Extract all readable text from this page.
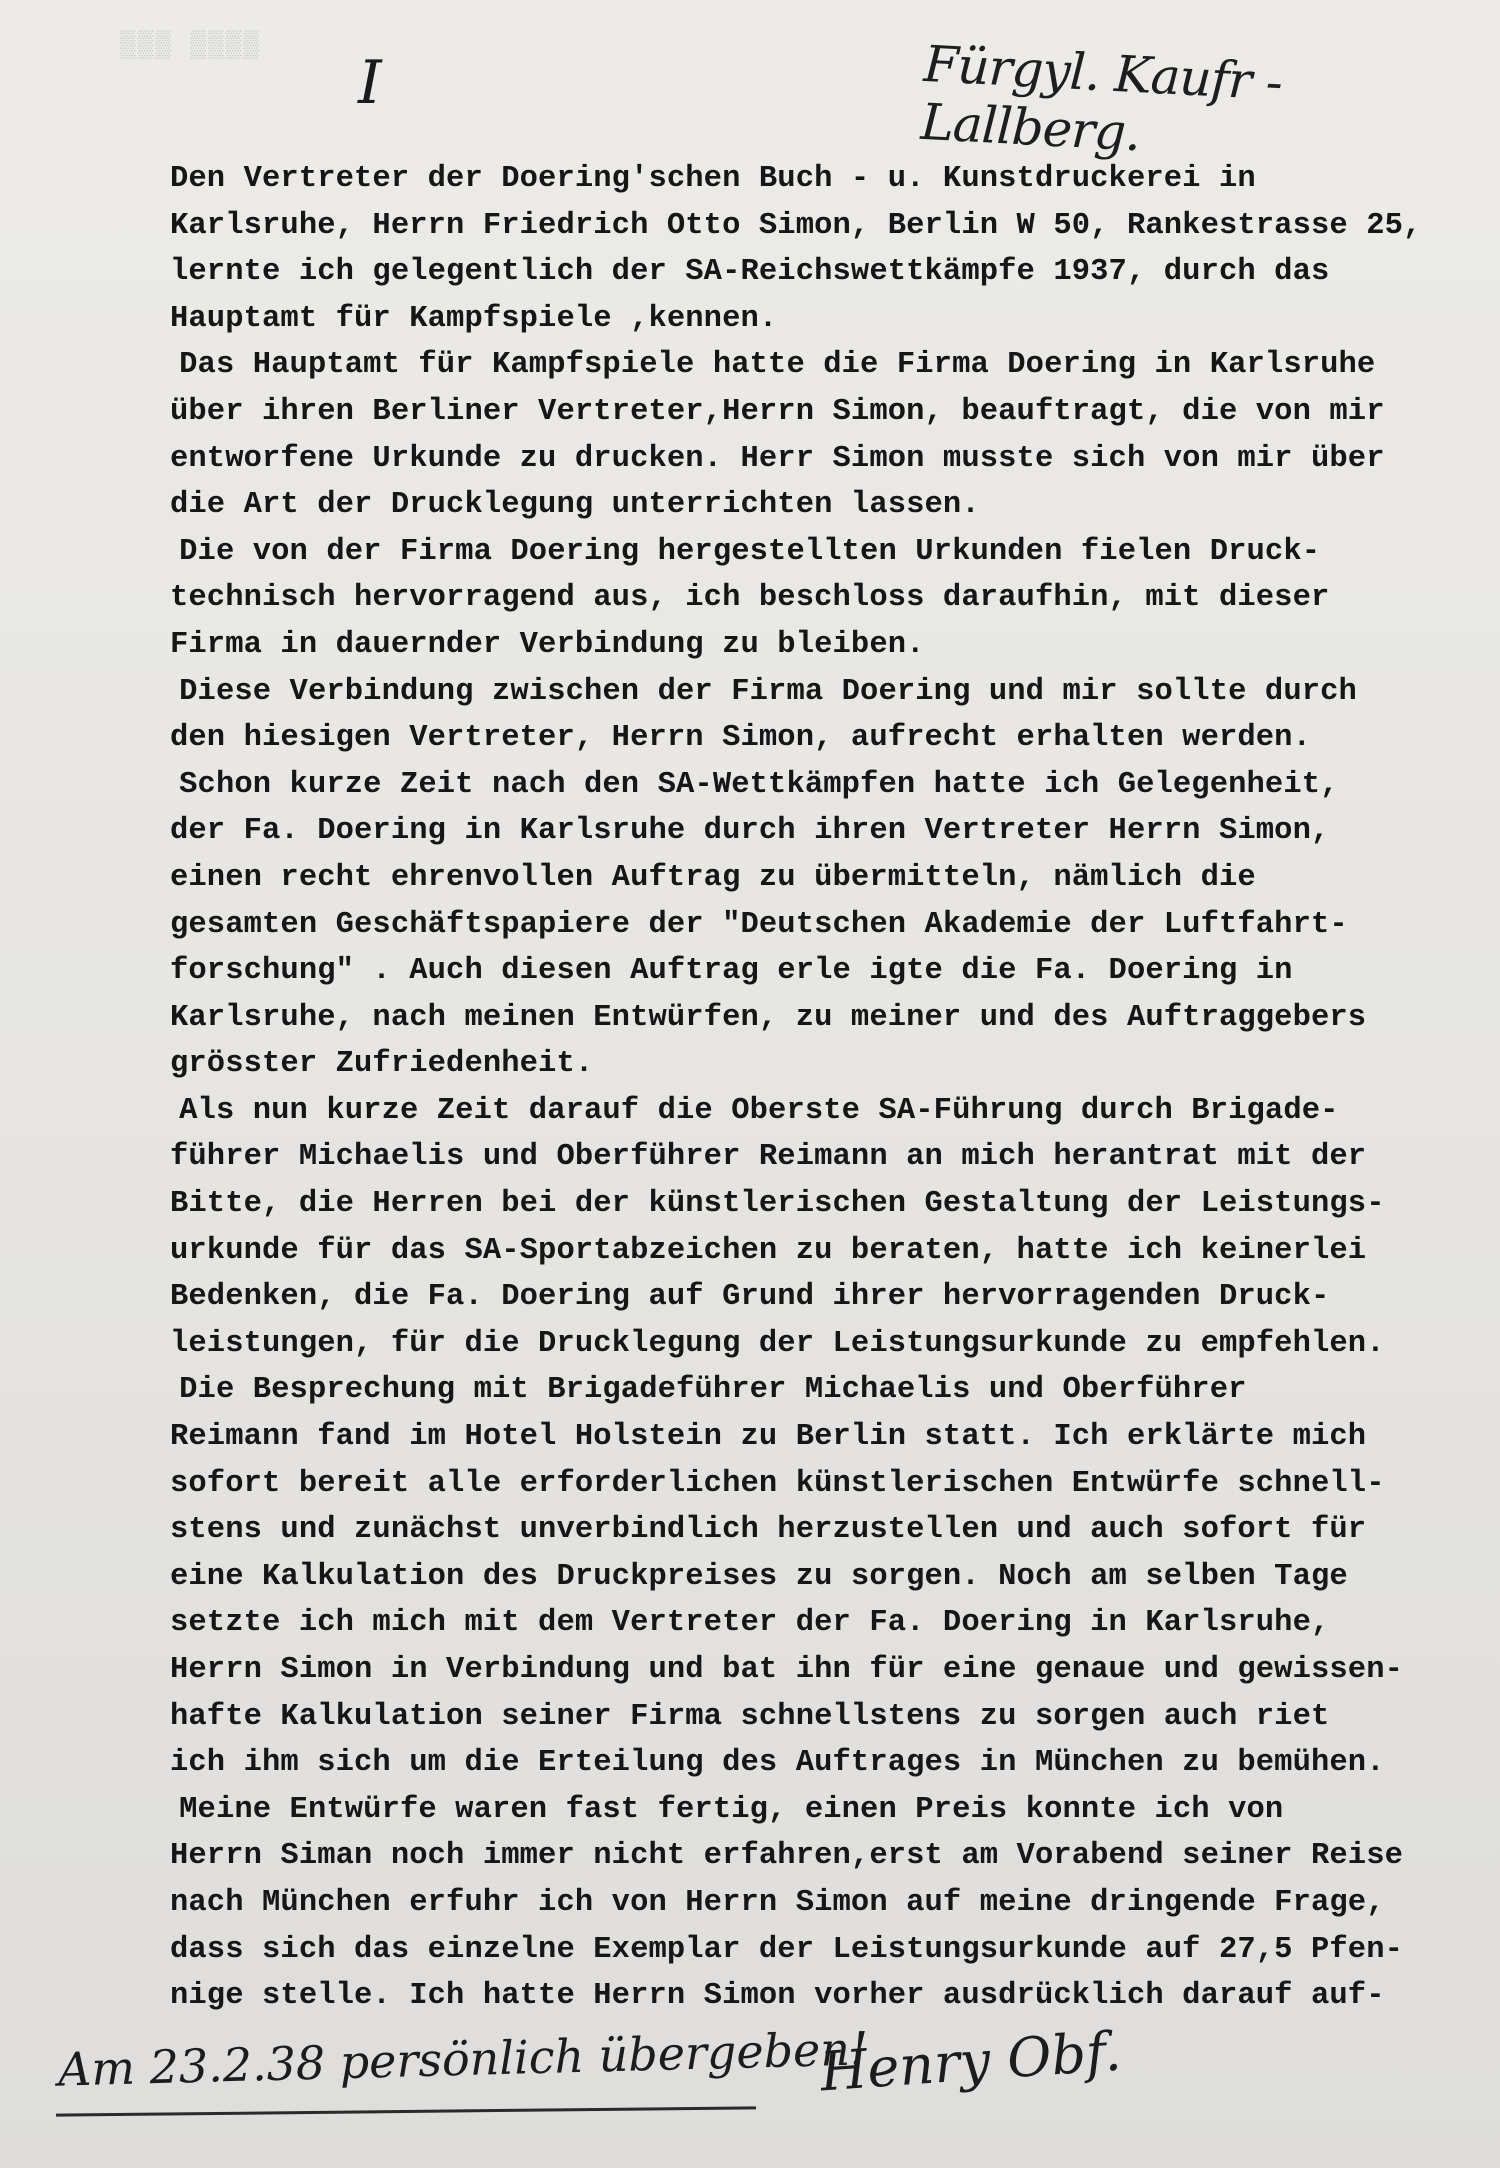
▒▒▒ ▒▒▒▒
I	Fürgyl. Kaufr - Lallberg.
Den Vertreter der Doering'schen Buch - u. Kunstdruckerei in
Karlsruhe, Herrn Friedrich Otto Simon, Berlin W 50, Rankestrasse 25,
lernte ich gelegentlich der SA-Reichswettkämpfe 1937, durch das
Hauptamt für Kampfspiele ,kennen.
Das Hauptamt für Kampfspiele hatte die Firma Doering in Karlsruhe
über ihren Berliner Vertreter,Herrn Simon, beauftragt, die von mir
entworfene Urkunde zu drucken. Herr Simon musste sich von mir über
die Art der Drucklegung unterrichten lassen.
Die von der Firma Doering hergestellten Urkunden fielen Druck-
technisch hervorragend aus, ich beschloss daraufhin, mit dieser
Firma in dauernder Verbindung zu bleiben.
Diese Verbindung zwischen der Firma Doering und mir sollte durch
den hiesigen Vertreter, Herrn Simon, aufrecht erhalten werden.
Schon kurze Zeit nach den SA-Wettkämpfen hatte ich Gelegenheit,
der Fa. Doering in Karlsruhe durch ihren Vertreter Herrn Simon,
einen recht ehrenvollen Auftrag zu übermitteln, nämlich die
gesamten Geschäftspapiere der "Deutschen Akademie der Luftfahrt-
forschung" . Auch diesen Auftrag erle igte die Fa. Doering in
Karlsruhe, nach meinen Entwürfen, zu meiner und des Auftraggebers
grösster Zufriedenheit.
Als nun kurze Zeit darauf die Oberste SA-Führung durch Brigade-
führer Michaelis und Oberführer Reimann an mich herantrat mit der
Bitte, die Herren bei der künstlerischen Gestaltung der Leistungs-
urkunde für das SA-Sportabzeichen zu beraten, hatte ich keinerlei
Bedenken, die Fa. Doering auf Grund ihrer hervorragenden Druck-
leistungen, für die Drucklegung der Leistungsurkunde zu empfehlen.
Die Besprechung mit Brigadeführer Michaelis und Oberführer
Reimann fand im Hotel Holstein zu Berlin statt. Ich erklärte mich
sofort bereit alle erforderlichen künstlerischen Entwürfe schnell-
stens und zunächst unverbindlich herzustellen und auch sofort für
eine Kalkulation des Druckpreises zu sorgen. Noch am selben Tage
setzte ich mich mit dem Vertreter der Fa. Doering in Karlsruhe,
Herrn Simon in Verbindung und bat ihn für eine genaue und gewissen-
hafte Kalkulation seiner Firma schnellstens zu sorgen auch riet
ich ihm sich um die Erteilung des Auftrages in München zu bemühen.
Meine Entwürfe waren fast fertig, einen Preis konnte ich von
Herrn Siman noch immer nicht erfahren,erst am Vorabend seiner Reise
nach München erfuhr ich von Herrn Simon auf meine dringende Frage,
dass sich das einzelne Exemplar der Leistungsurkunde auf 27,5 Pfen-
nige stelle. Ich hatte Herrn Simon vorher ausdrücklich darauf auf-
Am 23.2.38 persönlich übergeben!
Henry Obf.
